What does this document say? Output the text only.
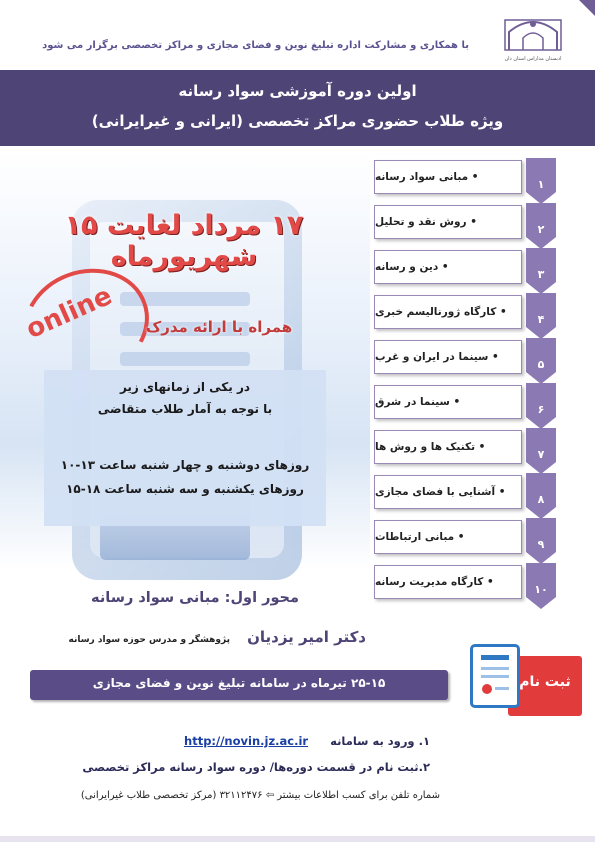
با همکاری و مشارکت اداره تبلیغ نوین و فضای مجازی و مراکز تخصصی برگزار می شود
ادبستان مداراس استان دان
اولین دوره آموزشی سواد رسانه
ویژه طلاب حضوری مراکز تخصصی (ایرانی و غیرایرانی)
۱۷ مرداد لغایت ۱۵ شهریورماه
online	همراه با ارائه مدرک
در یکی از زمانهای زیر
با توجه به آمار طلاب متقاضی
روزهای دوشنبه و چهار شنبه ساعت ۱۳-۱۰
روزهای یکشنبه و سه شنبه ساعت ۱۸-۱۵
• مبانی سواد رسانه
• روش نقد و تحلیل
• دین و رسانه
• کارگاه ژورنالیسم خبری
• سینما در ایران و غرب
• سینما در شرق
• تکنیک ها و روش ها
• آشنایی با فضای مجازی
• مبانی ارتباطات
• کارگاه مدیریت رسانه
۱
۲
۳
۴
۵
۶
۷
۸
۹
۱۰
محور اول: مبانی سواد رسانه
دکتر امیر یزدیان
پژوهشگر و مدرس حوزه سواد رسانه
۲۵-۱۵ تیرماه در سامانه تبلیغ نوین و فضای مجازی	ثبت نام
۱. ورود به سامانه  http://novin.jz.ac.ir
۲.ثبت نام در قسمت دوره‌ها/ دوره سواد رسانه مراکز تخصصی
شماره تلفن برای کسب اطلاعات بیشتر ⇦ ۳۲۱۱۲۴۷۶ (مرکز تخصصی طلاب غیرایرانی)
